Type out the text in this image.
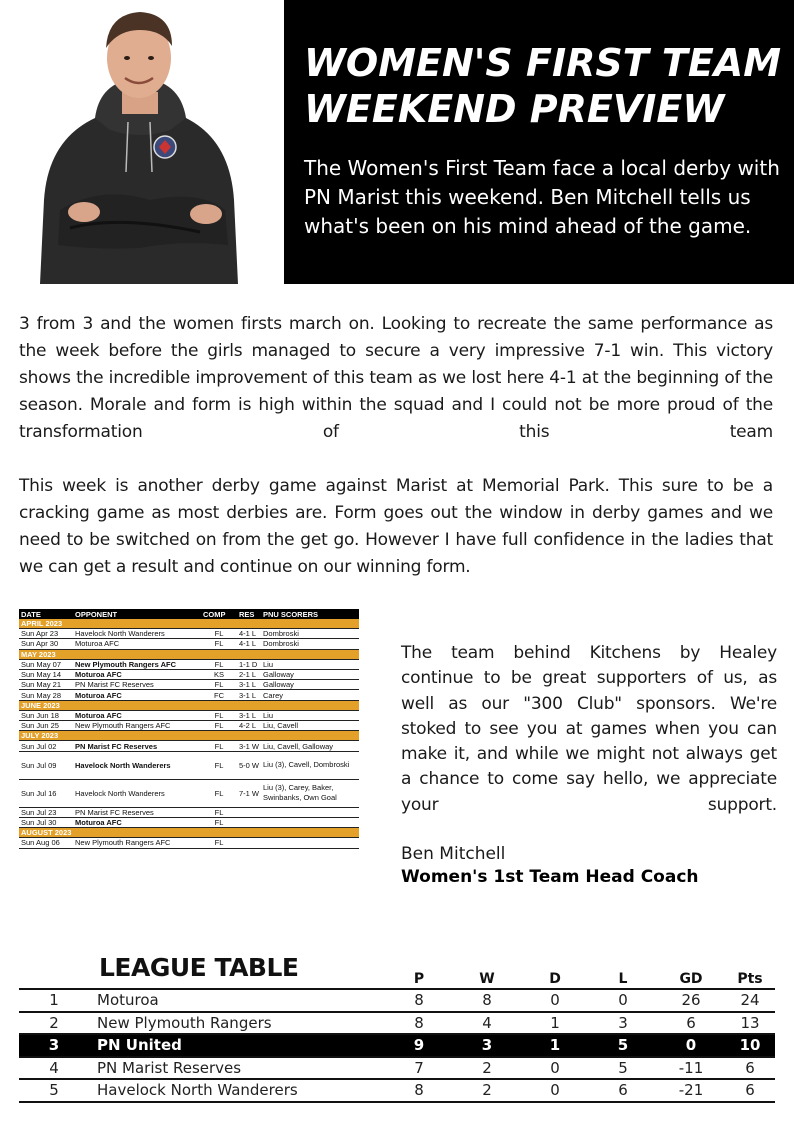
WOMEN'S FIRST TEAM WEEKEND PREVIEW

The Women's First Team face a local derby with PN Marist this weekend. Ben Mitchell tells us what's been on his mind ahead of the game.

3 from 3 and the women firsts march on. Looking to recreate the same performance as the week before the girls managed to secure a very impressive 7-1 win. This victory shows the incredible improvement of this team as we lost here 4-1 at the beginning of the season. Morale and form is high within the squad and I could not be more proud of the transformation of this team

This week is another derby game against Marist at Memorial Park. This sure to be a cracking game as most derbies are. Form goes out the window in derby games and we need to be switched on from the get go. However I have full confidence in the ladies that we can get a result and continue on our winning form.

DATE	OPPONENT	COMP	RES	PNU SCORERS
APRIL 2023				
Sun Apr 23	Havelock North Wanderers	FL	4-1 L	Dombroski
Sun Apr 30	Moturoa AFC	FL	4-1 L	Dombroski
MAY 2023				
Sun May 07	New Plymouth Rangers AFC	FL	1-1 D	Liu
Sun May 14	Moturoa AFC	KS	2-1 L	Galloway
Sun May 21	PN Marist FC Reserves	FL	3-1 L	Galloway
Sun May 28	Moturoa AFC	FC	3-1 L	Carey
JUNE 2023				
Sun Jun 18	Moturoa AFC	FL	3-1 L	Liu
Sun Jun 25	New Plymouth Rangers AFC	FL	4-2 L	Liu, Cavell
JULY 2023				
Sun Jul 02	PN Marist FC Reserves	FL	3-1 W	Liu, Cavell, Galloway
Sun Jul 09	Havelock North Wanderers	FL	5-0 W	Liu (3), Cavell, Dombroski
Sun Jul 16	Havelock North Wanderers	FL	7-1 W	Liu (3), Carey, Baker, Swinbanks, Own Goal
Sun Jul 23	PN Marist FC Reserves	FL		
Sun Jul 30	Moturoa AFC	FL		
AUGUST 2023				
Sun Aug 06	New Plymouth Rangers AFC	FL		

The team behind Kitchens by Healey continue to be great supporters of us, as well as our "300 Club" sponsors. We're stoked to see you at games when you can make it, and while we might not always get a chance to come say hello, we appreciate your support.

Ben Mitchell
Women's 1st Team Head Coach
LEAGUE TABLE
			P	W	D	L	GD	Pts
1	Moturoa	8	8	0	0	26	24
2	New Plymouth Rangers	8	4	1	3	6	13
3	PN United	9	3	1	5	0	10
4	PN Marist Reserves	7	2	0	5	-11	6
5	Havelock North Wanderers	8	2	0	6	-21	6
